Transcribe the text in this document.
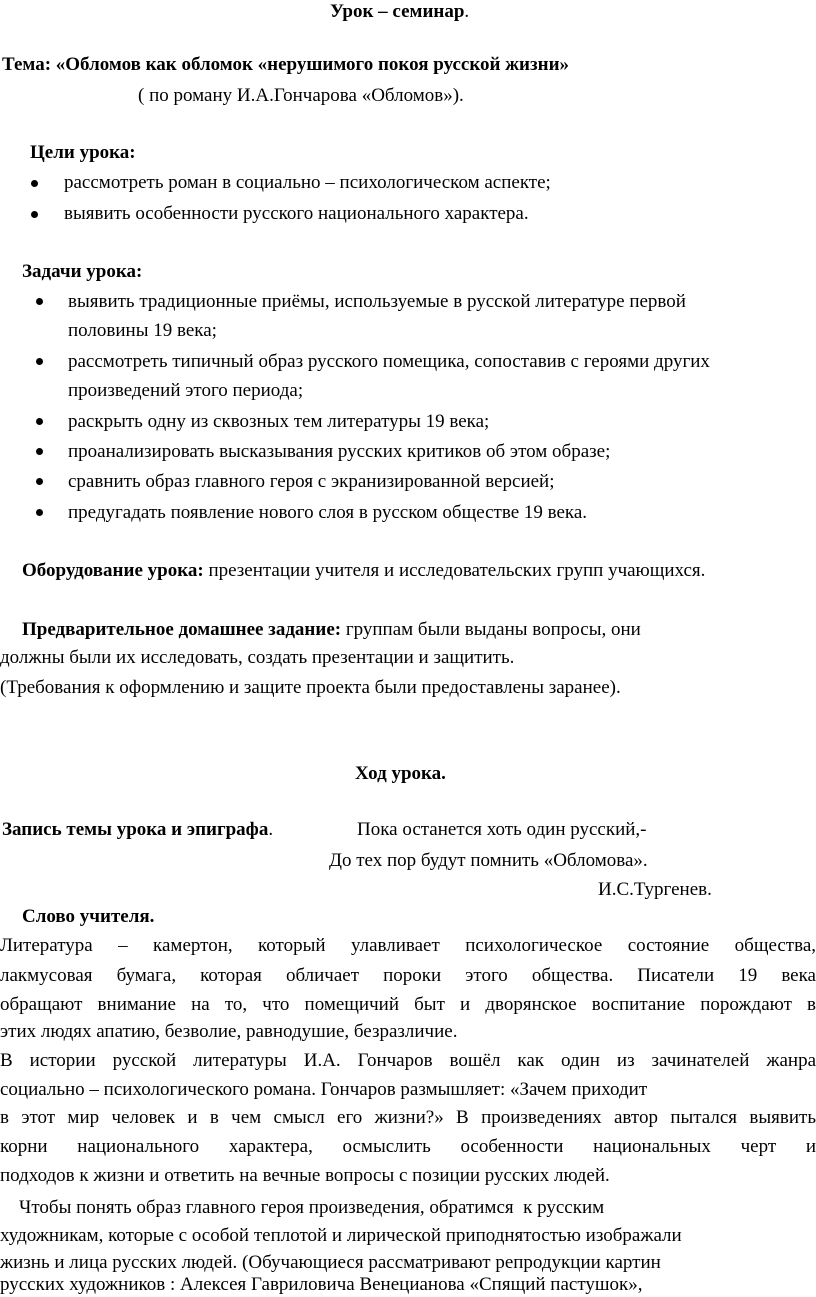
Урок – семинар.
Тема: «Обломов как обломок «нерушимого покоя русской жизни»
( по роману И.А.Гончарова «Обломов»).
Цели урока:
рассмотреть роман в социально – психологическом аспекте;
выявить особенности русского национального характера.
Задачи урока:
выявить традиционные приёмы, используемые в русской литературе первой
половины 19 века;
рассмотреть типичный образ русского помещика, сопоставив с героями других
произведений этого периода;
раскрыть одну из сквозных тем литературы 19 века;
проанализировать высказывания русских критиков об этом образе;
сравнить образ главного героя с экранизированной версией;
предугадать появление нового слоя в русском обществе 19 века.
Оборудование урока: презентации учителя и исследовательских групп учающихся.
Предварительное домашнее задание: группам были выданы вопросы, они
должны были их исследовать, создать презентации и защитить.
(Требования к оформлению и защите проекта были предоставлены заранее).
Ход урока.
Запись темы урока и эпиграфа.	Пока останется хоть один русский,-
До тех пор будут помнить «Обломова».
И.С.Тургенев.
Слово учителя.
Литература – камертон, который улавливает психологическое состояние общества,
лакмусовая бумага, которая обличает пороки этого общества. Писатели 19 века
обращают внимание на то, что помещичий быт и дворянское воспитание порождают в
этих людях апатию, безволие, равнодушие, безразличие.
В истории русской литературы И.А. Гончаров вошёл как один из зачинателей жанра
социально – психологического романа. Гончаров размышляет: «Зачем приходит
в этот мир человек и в чем смысл его жизни?» В произведениях автор пытался выявить
корни национального характера, осмыслить особенности национальных черт и
подходов к жизни и ответить на вечные вопросы с позиции русских людей.
Чтобы понять образ главного героя произведения, обратимся  к русским
художникам, которые с особой теплотой и лирической приподнятостью изображали
жизнь и лица русских людей. (Обучающиеся рассматривают репродукции картин
русских художников : Алексея Гавриловича Венецианова «Спящий пастушок»,
